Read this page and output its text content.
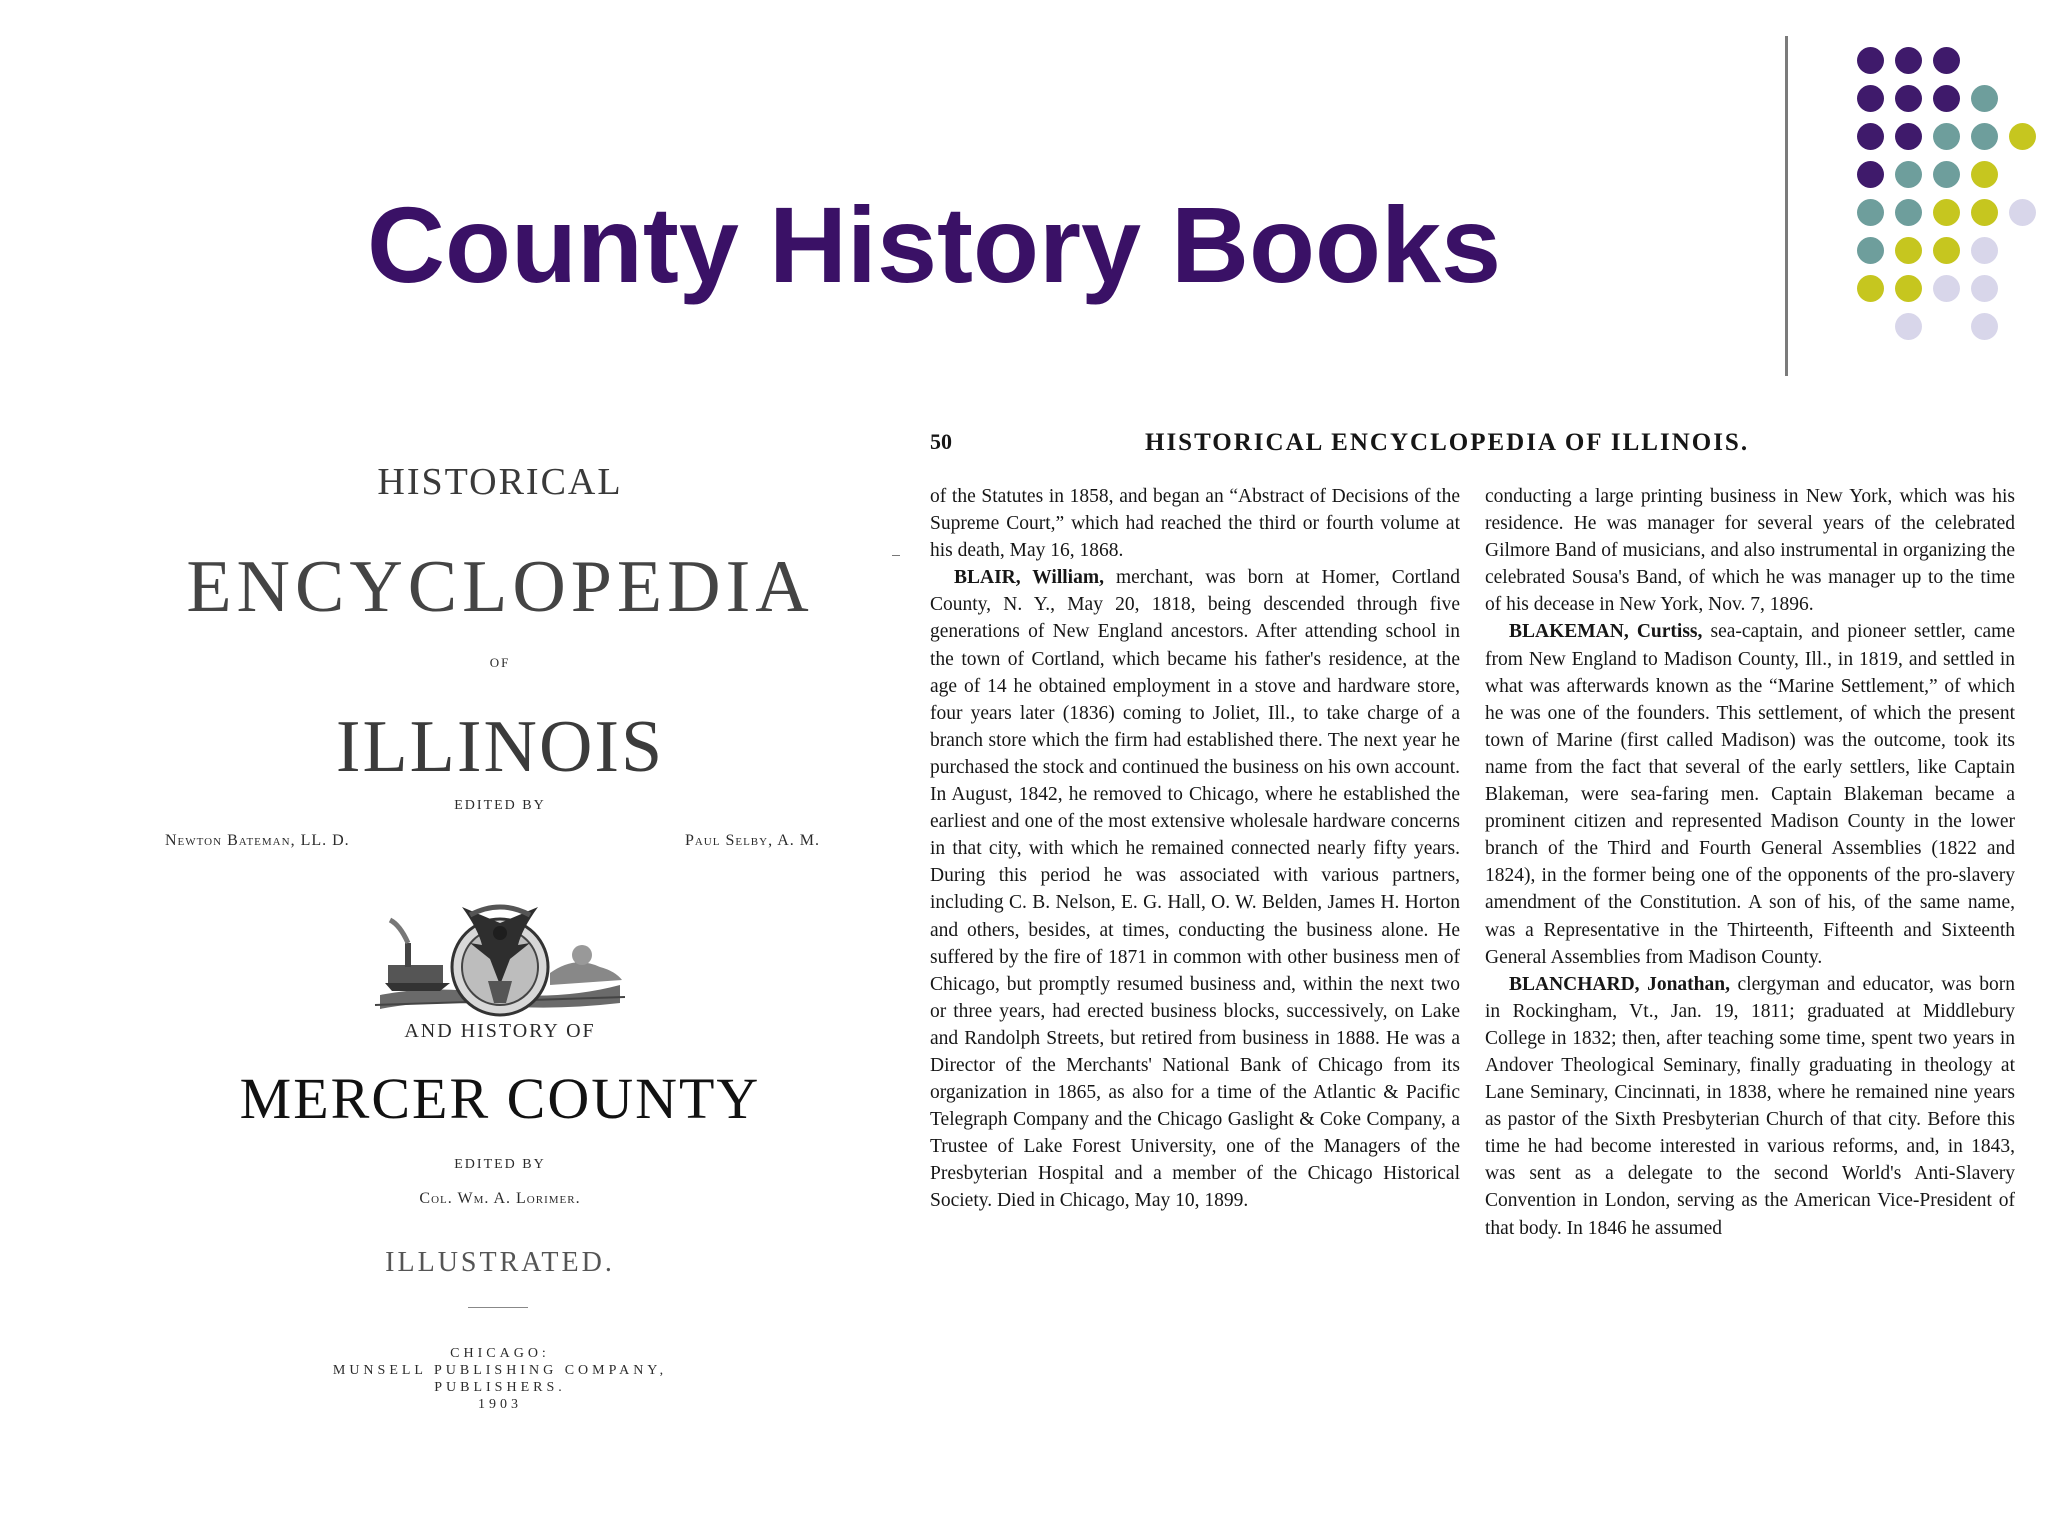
County History Books
HISTORICAL
ENCYCLOPEDIA
OF
ILLINOIS
EDITED BY
Newton Bateman, LL. D.	Paul Selby, A. M.
AND HISTORY OF
MERCER COUNTY
EDITED BY
Col. Wm. A. Lorimer.
ILLUSTRATED.
CHICAGO:
MUNSELL PUBLISHING COMPANY,
PUBLISHERS.
1903
50	HISTORICAL ENCYCLOPEDIA OF ILLINOIS.

of the Statutes in 1858, and began an “Abstract of Decisions of the Supreme Court,” which had reached the third or fourth volume at his death, May 16, 1868.

BLAIR, William, merchant, was born at Homer, Cortland County, N. Y., May 20, 1818, being descended through five generations of New England ancestors. After attending school in the town of Cortland, which became his father's residence, at the age of 14 he obtained employment in a stove and hardware store, four years later (1836) coming to Joliet, Ill., to take charge of a branch store which the firm had established there. The next year he purchased the stock and continued the business on his own account. In August, 1842, he removed to Chicago, where he established the earliest and one of the most extensive wholesale hardware concerns in that city, with which he remained connected nearly fifty years. During this period he was associated with various partners, including C. B. Nelson, E. G. Hall, O. W. Belden, James H. Horton and others, besides, at times, conducting the business alone. He suffered by the fire of 1871 in common with other business men of Chicago, but promptly resumed business and, within the next two or three years, had erected business blocks, successively, on Lake and Randolph Streets, but retired from business in 1888. He was a Director of the Merchants' National Bank of Chicago from its organization in 1865, as also for a time of the Atlantic & Pacific Telegraph Company and the Chicago Gaslight & Coke Company, a Trustee of Lake Forest University, one of the Managers of the Presbyterian Hospital and a member of the Chicago Historical Society. Died in Chicago, May 10, 1899.

conducting a large printing business in New York, which was his residence. He was manager for several years of the celebrated Gilmore Band of musicians, and also instrumental in organizing the celebrated Sousa's Band, of which he was manager up to the time of his decease in New York, Nov. 7, 1896.

BLAKEMAN, Curtiss, sea-captain, and pioneer settler, came from New England to Madison County, Ill., in 1819, and settled in what was afterwards known as the “Marine Settlement,” of which he was one of the founders. This settlement, of which the present town of Marine (first called Madison) was the outcome, took its name from the fact that several of the early settlers, like Captain Blakeman, were sea-faring men. Captain Blakeman became a prominent citizen and represented Madison County in the lower branch of the Third and Fourth General Assemblies (1822 and 1824), in the former being one of the opponents of the pro-slavery amendment of the Constitution. A son of his, of the same name, was a Representative in the Thirteenth, Fifteenth and Sixteenth General Assemblies from Madison County.

BLANCHARD, Jonathan, clergyman and educator, was born in Rockingham, Vt., Jan. 19, 1811; graduated at Middlebury College in 1832; then, after teaching some time, spent two years in Andover Theological Seminary, finally graduating in theology at Lane Seminary, Cincinnati, in 1838, where he remained nine years as pastor of the Sixth Presbyterian Church of that city. Before this time he had become interested in various reforms, and, in 1843, was sent as a delegate to the second World's Anti-Slavery Convention in London, serving as the American Vice-President of that body. In 1846 he assumed
